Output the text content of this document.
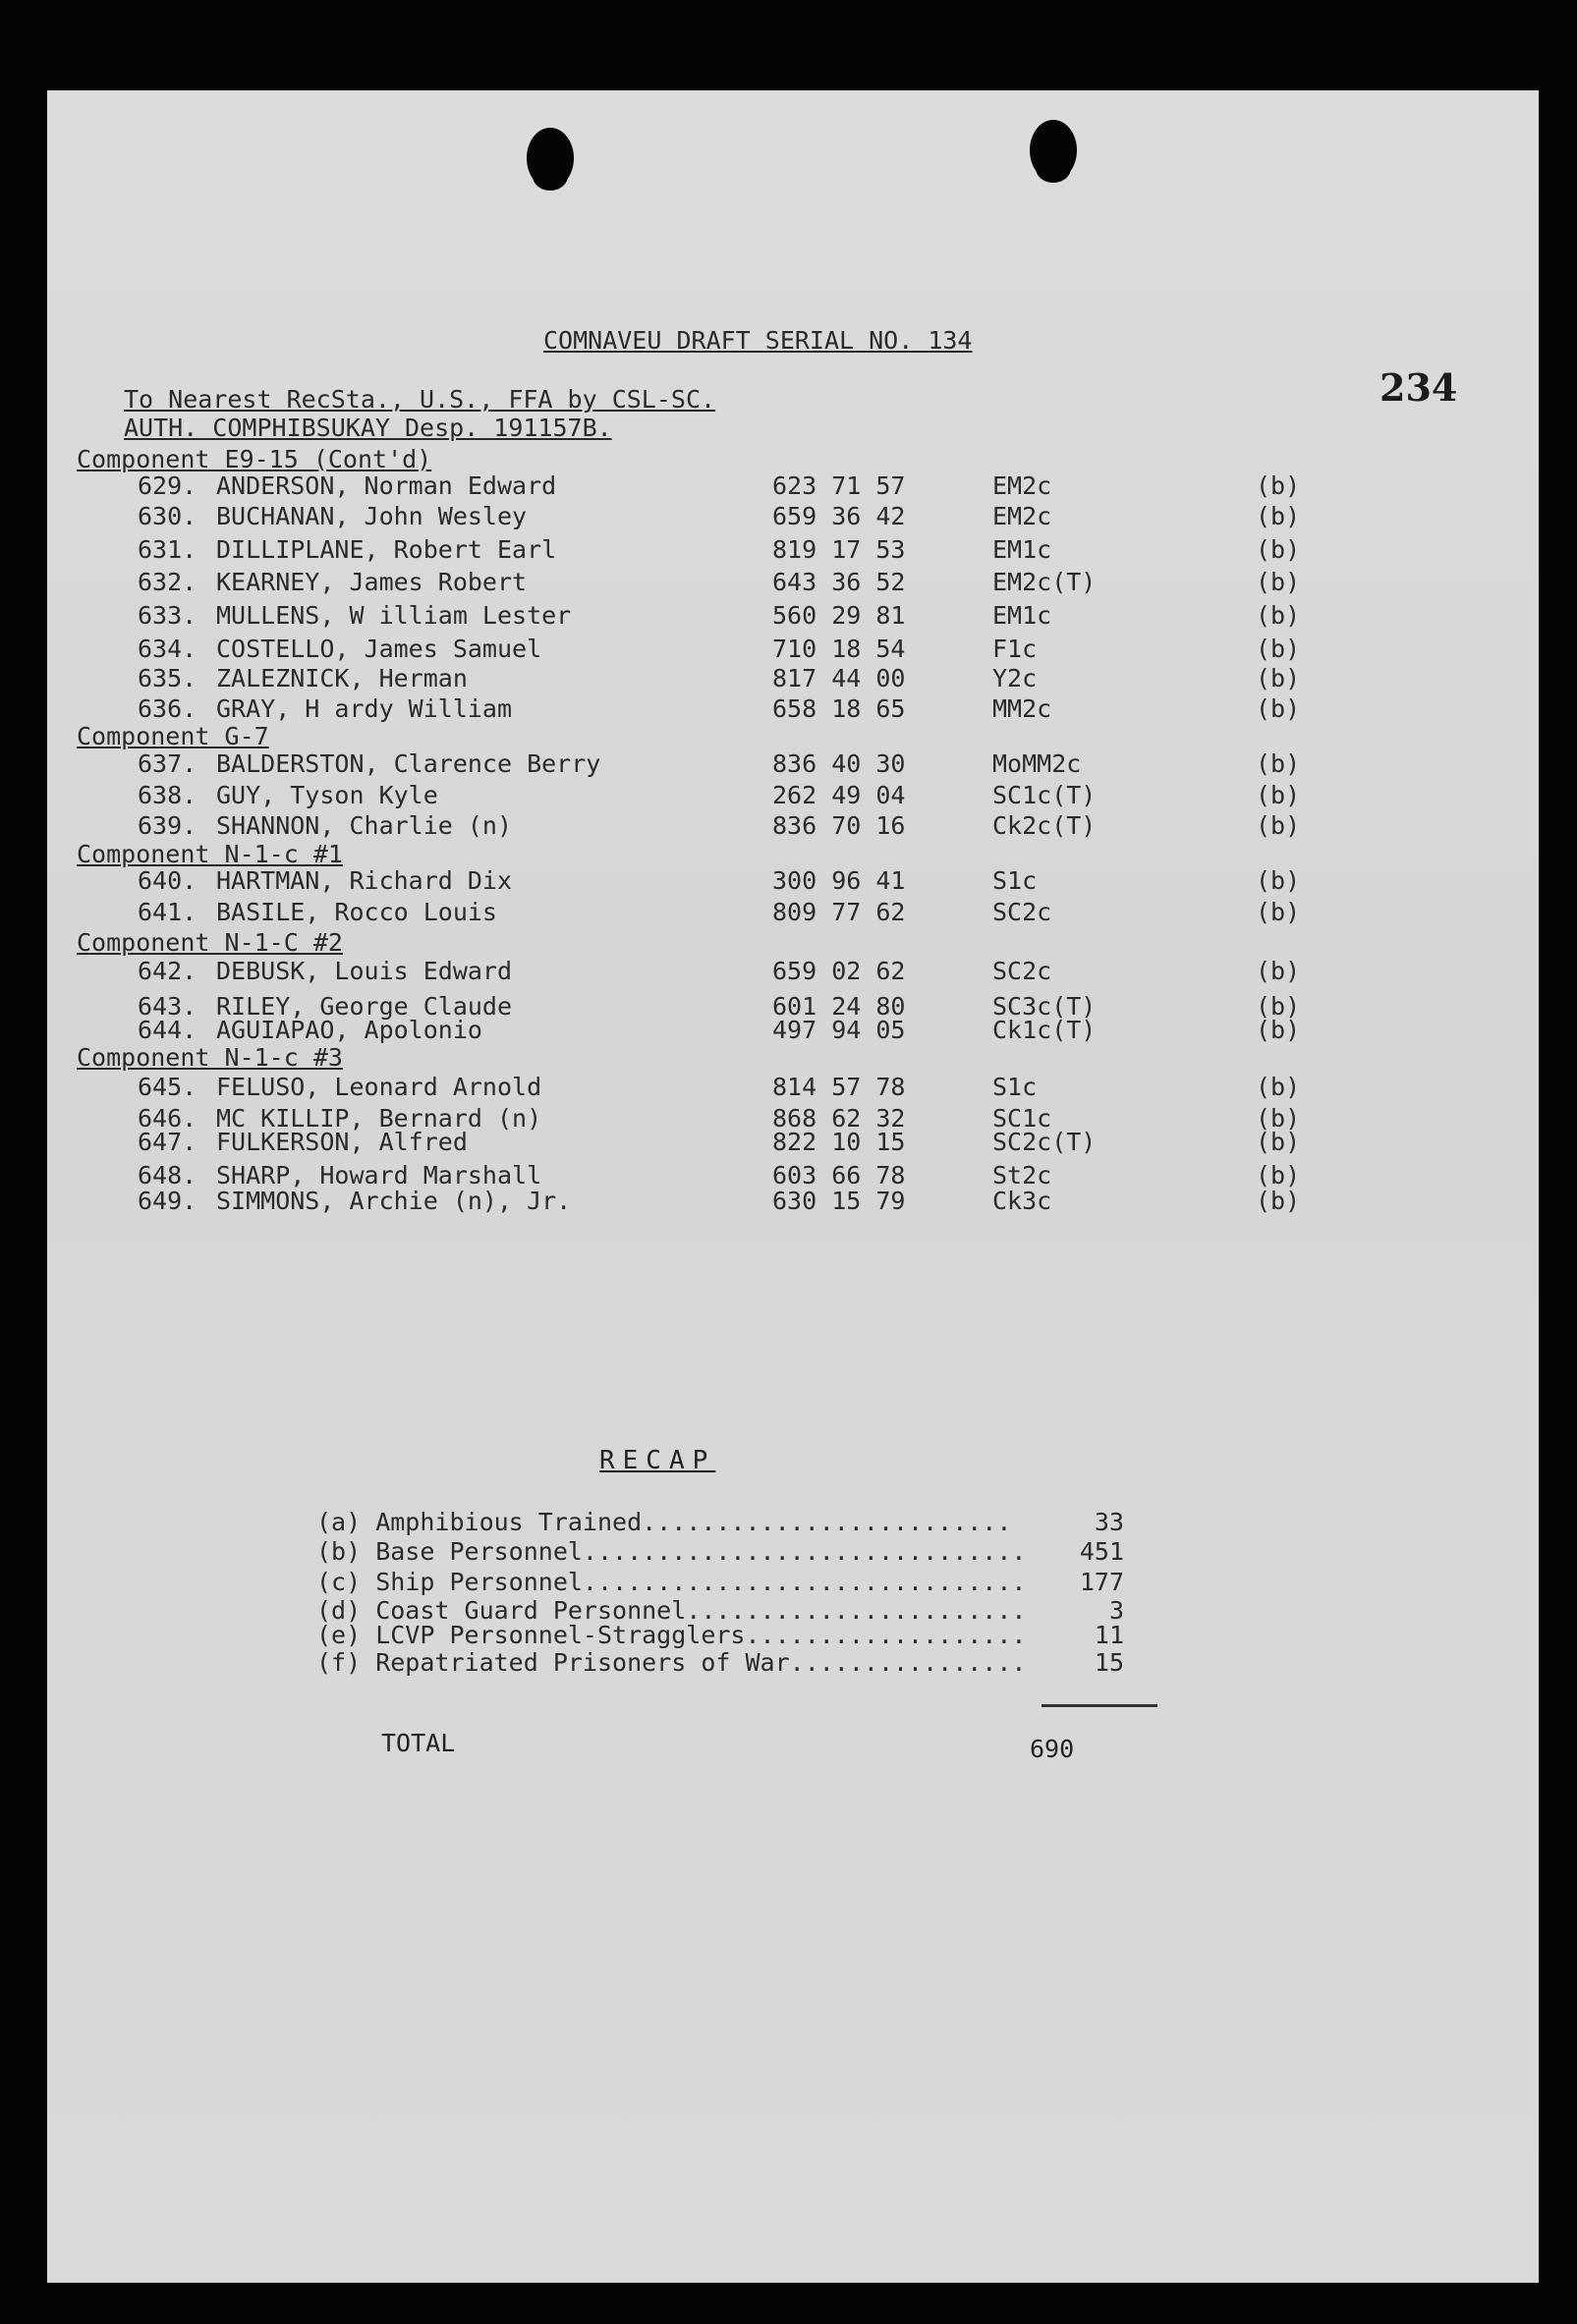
234
COMNAVEU DRAFT SERIAL NO. 134
To Nearest RecSta., U.S., FFA by CSL-SC.
AUTH. COMPHIBSUKAY Desp. 191157B.
Component E9-15 (Cont'd)
629. ANDERSON, Norman Edward	623 71 57	EM2c	(b)
630. BUCHANAN, John Wesley	659 36 42	EM2c	(b)
631. DILLIPLANE, Robert Earl	819 17 53	EM1c	(b)
632. KEARNEY, James Robert	643 36 52	EM2c(T)	(b)
633. MULLENS, W illiam Lester	560 29 81	EM1c	(b)
634. COSTELLO, James Samuel	710 18 54	F1c	(b)
635. ZALEZNICK, Herman	817 44 00	Y2c	(b)
636. GRAY, H ardy William	658 18 65	MM2c	(b)
Component G-7
637. BALDERSTON, Clarence Berry	836 40 30	MoMM2c	(b)
638. GUY, Tyson Kyle	262 49 04	SC1c(T)	(b)
639. SHANNON, Charlie (n)	836 70 16	Ck2c(T)	(b)
Component N-1-c #1
640. HARTMAN, Richard Dix	300 96 41	S1c	(b)
641. BASILE, Rocco Louis	809 77 62	SC2c	(b)
Component N-1-C #2
642. DEBUSK, Louis Edward	659 02 62	SC2c	(b)
643. RILEY, George Claude	601 24 80	SC3c(T)	(b)
644. AGUIAPAO, Apolonio	497 94 05	Ck1c(T)	(b)
Component N-1-c #3
645. FELUSO, Leonard Arnold	814 57 78	S1c	(b)
646. MC KILLIP, Bernard (n)	868 62 32	SC1c	(b)
647. FULKERSON, Alfred	822 10 15	SC2c(T)	(b)
648. SHARP, Howard Marshall	603 66 78	St2c	(b)
649. SIMMONS, Archie (n), Jr.	630 15 79	Ck3c	(b)
RECAP
(a) Amphibious Trained.........................	33
(b) Base Personnel..............................	451
(c) Ship Personnel..............................	177
(d) Coast Guard Personnel.......................	3
(e) LCVP Personnel-Stragglers...................	11
(f) Repatriated Prisoners of War................	15
TOTAL	690
